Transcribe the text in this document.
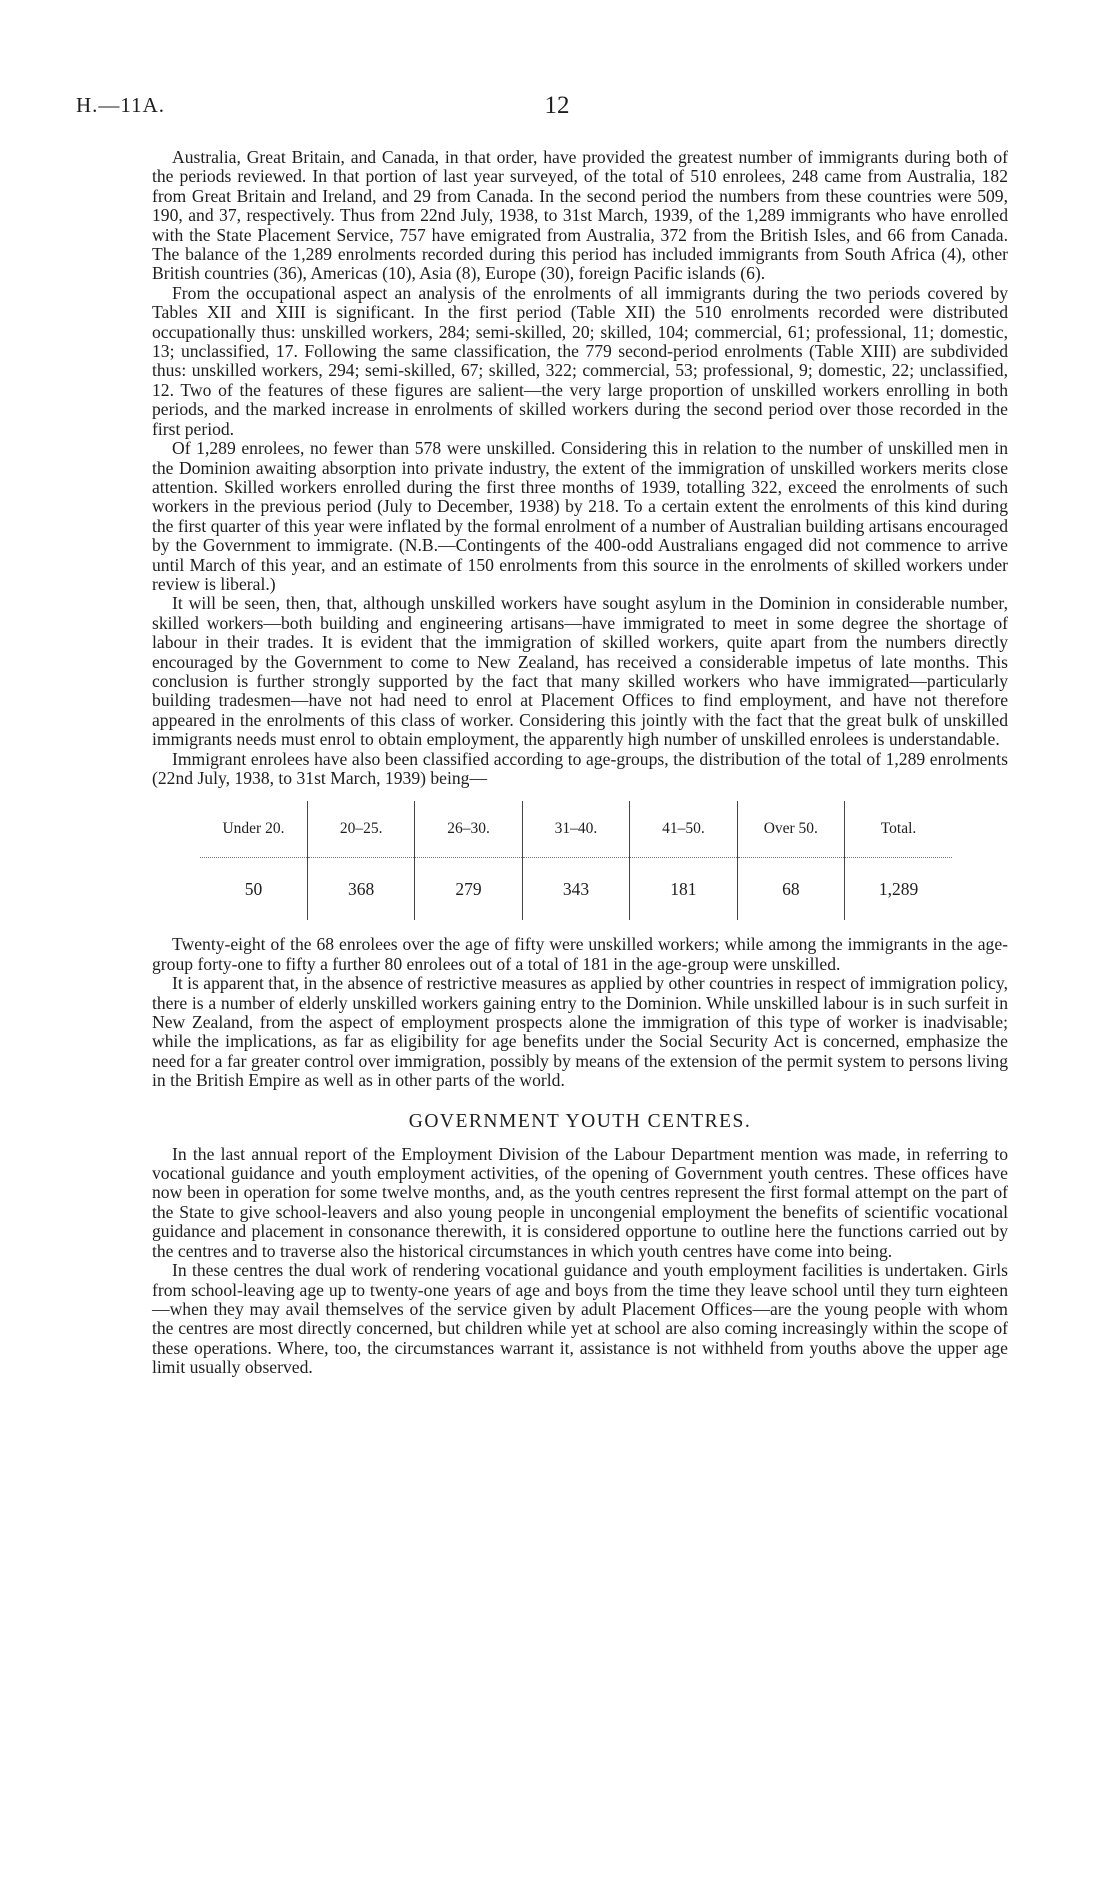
H.—11A.	12

Australia, Great Britain, and Canada, in that order, have provided the greatest number of immigrants during both of the periods reviewed. In that portion of last year surveyed, of the total of 510 enrolees, 248 came from Australia, 182 from Great Britain and Ireland, and 29 from Canada. In the second period the numbers from these countries were 509, 190, and 37, respectively. Thus from 22nd July, 1938, to 31st March, 1939, of the 1,289 immigrants who have enrolled with the State Placement Service, 757 have emigrated from Australia, 372 from the British Isles, and 66 from Canada. The balance of the 1,289 enrolments recorded during this period has included immigrants from South Africa (4), other British countries (36), Americas (10), Asia (8), Europe (30), foreign Pacific islands (6).

From the occupational aspect an analysis of the enrolments of all immigrants during the two periods covered by Tables XII and XIII is significant. In the first period (Table XII) the 510 enrolments recorded were distributed occupationally thus: unskilled workers, 284; semi-skilled, 20; skilled, 104; commercial, 61; professional, 11; domestic, 13; unclassified, 17. Following the same classification, the 779 second-period enrolments (Table XIII) are subdivided thus: unskilled workers, 294; semi-skilled, 67; skilled, 322; commercial, 53; professional, 9; domestic, 22; unclassified, 12. Two of the features of these figures are salient—the very large proportion of unskilled workers enrolling in both periods, and the marked increase in enrolments of skilled workers during the second period over those recorded in the first period.

Of 1,289 enrolees, no fewer than 578 were unskilled. Considering this in relation to the number of unskilled men in the Dominion awaiting absorption into private industry, the extent of the immigration of unskilled workers merits close attention. Skilled workers enrolled during the first three months of 1939, totalling 322, exceed the enrolments of such workers in the previous period (July to December, 1938) by 218. To a certain extent the enrolments of this kind during the first quarter of this year were inflated by the formal enrolment of a number of Australian building artisans encouraged by the Government to immigrate. (N.B.—Contingents of the 400-odd Australians engaged did not commence to arrive until March of this year, and an estimate of 150 enrolments from this source in the enrolments of skilled workers under review is liberal.)

It will be seen, then, that, although unskilled workers have sought asylum in the Dominion in considerable number, skilled workers—both building and engineering artisans—have immigrated to meet in some degree the shortage of labour in their trades. It is evident that the immigration of skilled workers, quite apart from the numbers directly encouraged by the Government to come to New Zealand, has received a considerable impetus of late months. This conclusion is further strongly supported by the fact that many skilled workers who have immigrated—particularly building tradesmen—have not had need to enrol at Placement Offices to find employment, and have not therefore appeared in the enrolments of this class of worker. Considering this jointly with the fact that the great bulk of unskilled immigrants needs must enrol to obtain employment, the apparently high number of unskilled enrolees is understandable.

Immigrant enrolees have also been classified according to age-groups, the distribution of the total of 1,289 enrolments (22nd July, 1938, to 31st March, 1939) being—

Under 20.	20–25.	26–30.	31–40.	41–50.	Over 50.	Total.
50	368	279	343	181	68	1,289

Twenty-eight of the 68 enrolees over the age of fifty were unskilled workers; while among the immigrants in the age-group forty-one to fifty a further 80 enrolees out of a total of 181 in the age-group were unskilled.

It is apparent that, in the absence of restrictive measures as applied by other countries in respect of immigration policy, there is a number of elderly unskilled workers gaining entry to the Dominion. While unskilled labour is in such surfeit in New Zealand, from the aspect of employment prospects alone the immigration of this type of worker is inadvisable; while the implications, as far as eligibility for age benefits under the Social Security Act is concerned, emphasize the need for a far greater control over immigration, possibly by means of the extension of the permit system to persons living in the British Empire as well as in other parts of the world.

GOVERNMENT YOUTH CENTRES.

In the last annual report of the Employment Division of the Labour Department mention was made, in referring to vocational guidance and youth employment activities, of the opening of Government youth centres. These offices have now been in operation for some twelve months, and, as the youth centres represent the first formal attempt on the part of the State to give school-leavers and also young people in uncongenial employment the benefits of scientific vocational guidance and placement in consonance therewith, it is considered opportune to outline here the functions carried out by the centres and to traverse also the historical circumstances in which youth centres have come into being.

In these centres the dual work of rendering vocational guidance and youth employment facilities is undertaken. Girls from school-leaving age up to twenty-one years of age and boys from the time they leave school until they turn eighteen—when they may avail themselves of the service given by adult Placement Offices—are the young people with whom the centres are most directly concerned, but children while yet at school are also coming increasingly within the scope of these operations. Where, too, the circumstances warrant it, assistance is not withheld from youths above the upper age limit usually observed.
